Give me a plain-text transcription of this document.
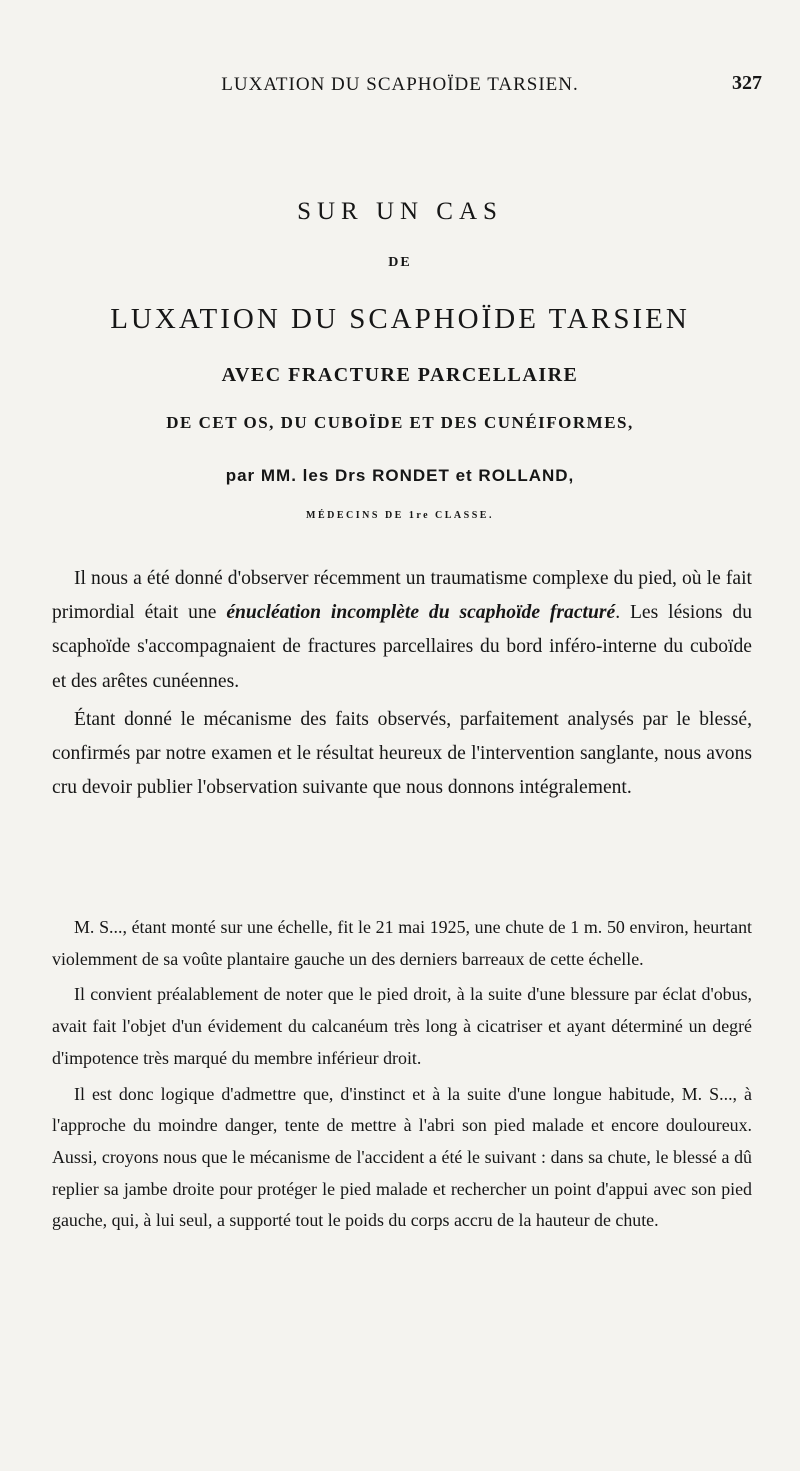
LUXATION DU SCAPHOÏDE TARSIEN.	327
SUR UN CAS
DE
LUXATION DU SCAPHOÏDE TARSIEN
AVEC FRACTURE PARCELLAIRE
DE CET OS, DU CUBOÏDE ET DES CUNÉIFORMES,
par MM. les Drs RONDET et ROLLAND,
MÉDECINS DE 1re CLASSE.

Il nous a été donné d'observer récemment un traumatisme complexe du pied, où le fait primordial était une énucléation incomplète du scaphoïde fracturé. Les lésions du scaphoïde s'accompagnaient de fractures parcellaires du bord inféro-interne du cuboïde et des arêtes cunéennes.

Étant donné le mécanisme des faits observés, parfaitement analysés par le blessé, confirmés par notre examen et le résultat heureux de l'intervention sanglante, nous avons cru devoir publier l'observation suivante que nous donnons intégralement.

M. S..., étant monté sur une échelle, fit le 21 mai 1925, une chute de 1 m. 50 environ, heurtant violemment de sa voûte plantaire gauche un des derniers barreaux de cette échelle.

Il convient préalablement de noter que le pied droit, à la suite d'une blessure par éclat d'obus, avait fait l'objet d'un évidement du calcanéum très long à cicatriser et ayant déterminé un degré d'impotence très marqué du membre inférieur droit.

Il est donc logique d'admettre que, d'instinct et à la suite d'une longue habitude, M. S..., à l'approche du moindre danger, tente de mettre à l'abri son pied malade et encore douloureux. Aussi, croyons nous que le mécanisme de l'accident a été le suivant : dans sa chute, le blessé a dû replier sa jambe droite pour protéger le pied malade et rechercher un point d'appui avec son pied gauche, qui, à lui seul, a supporté tout le poids du corps accru de la hauteur de chute.
